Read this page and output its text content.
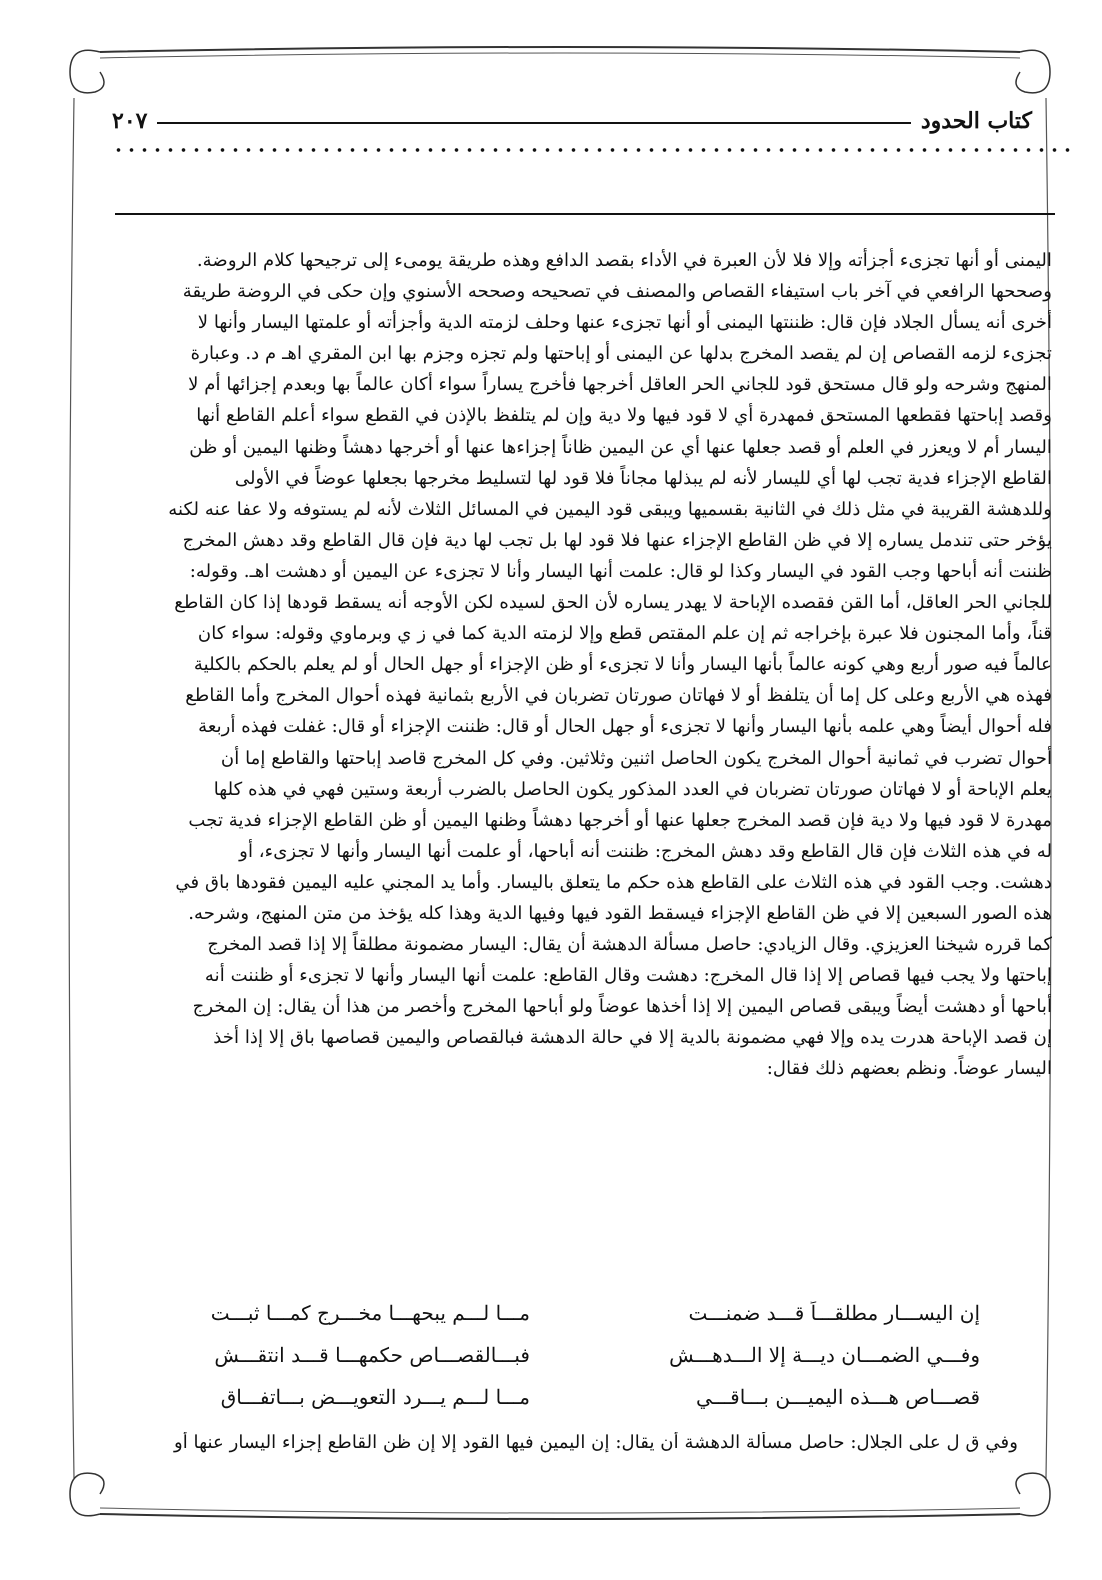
كتاب الحدود
٢٠٧

اليمنى أو أنها تجزىء أجزأته وإلا فلا لأن العبرة في الأداء بقصد الدافع وهذه طريقة يومىء إلى ترجيحها كلام الروضة.

وصححها الرافعي في آخر باب استيفاء القصاص والمصنف في تصحيحه وصححه الأسنوي وإن حكى في الروضة طريقة

أخرى أنه يسأل الجلاد فإن قال: ظننتها اليمنى أو أنها تجزىء عنها وحلف لزمته الدية وأجزأته أو علمتها اليسار وأنها لا

تجزىء لزمه القصاص إن لم يقصد المخرج بدلها عن اليمنى أو إباحتها ولم تجزه وجزم بها ابن المقري اهـ م د. وعبارة

المنهج وشرحه ولو قال مستحق قود للجاني الحر العاقل أخرجها فأخرج يساراً سواء أكان عالماً بها وبعدم إجزائها أم لا

وقصد إباحتها فقطعها المستحق فمهدرة أي لا قود فيها ولا دية وإن لم يتلفظ بالإذن في القطع سواء أعلم القاطع أنها

اليسار أم لا ويعزر في العلم أو قصد جعلها عنها أي عن اليمين ظاناً إجزاءها عنها أو أخرجها دهشاً وظنها اليمين أو ظن

القاطع الإجزاء فدية تجب لها أي لليسار لأنه لم يبذلها مجاناً فلا قود لها لتسليط مخرجها بجعلها عوضاً في الأولى

وللدهشة القريبة في مثل ذلك في الثانية بقسميها ويبقى قود اليمين في المسائل الثلاث لأنه لم يستوفه ولا عفا عنه لكنه

يؤخر حتى تندمل يساره إلا في ظن القاطع الإجزاء عنها فلا قود لها بل تجب لها دية فإن قال القاطع وقد دهش المخرج

ظننت أنه أباحها وجب القود في اليسار وكذا لو قال: علمت أنها اليسار وأنا لا تجزىء عن اليمين أو دهشت اهـ. وقوله:

للجاني الحر العاقل، أما القن فقصده الإباحة لا يهدر يساره لأن الحق لسيده لكن الأوجه أنه يسقط قودها إذا كان القاطع

قناً، وأما المجنون فلا عبرة بإخراجه ثم إن علم المقتص قطع وإلا لزمته الدية كما في ز ي وبرماوي وقوله: سواء كان

عالماً فيه صور أربع وهي كونه عالماً بأنها اليسار وأنا لا تجزىء أو ظن الإجزاء أو جهل الحال أو لم يعلم بالحكم بالكلية

فهذه هي الأربع وعلى كل إما أن يتلفظ أو لا فهاتان صورتان تضربان في الأربع بثمانية فهذه أحوال المخرج وأما القاطع

فله أحوال أيضاً وهي علمه بأنها اليسار وأنها لا تجزىء أو جهل الحال أو قال: ظننت الإجزاء أو قال: غفلت فهذه أربعة

أحوال تضرب في ثمانية أحوال المخرج يكون الحاصل اثنين وثلاثين. وفي كل المخرج قاصد إباحتها والقاطع إما أن

يعلم الإباحة أو لا فهاتان صورتان تضربان في العدد المذكور يكون الحاصل بالضرب أربعة وستين فهي في هذه كلها

مهدرة لا قود فيها ولا دية فإن قصد المخرج جعلها عنها أو أخرجها دهشاً وظنها اليمين أو ظن القاطع الإجزاء فدية تجب

له في هذه الثلاث فإن قال القاطع وقد دهش المخرج: ظننت أنه أباحها، أو علمت أنها اليسار وأنها لا تجزىء، أو

دهشت. وجب القود في هذه الثلاث على القاطع هذه حكم ما يتعلق باليسار. وأما يد المجني عليه اليمين فقودها باق في

هذه الصور السبعين إلا في ظن القاطع الإجزاء فيسقط القود فيها وفيها الدية وهذا كله يؤخذ من متن المنهج، وشرحه.

كما قرره شيخنا العزيزي. وقال الزيادي: حاصل مسألة الدهشة أن يقال: اليسار مضمونة مطلقاً إلا إذا قصد المخرج

إباحتها ولا يجب فيها قصاص إلا إذا قال المخرج: دهشت وقال القاطع: علمت أنها اليسار وأنها لا تجزىء أو ظننت أنه

أباحها أو دهشت أيضاً ويبقى قصاص اليمين إلا إذا أخذها عوضاً ولو أباحها المخرج وأخصر من هذا أن يقال: إن المخرج

إن قصد الإباحة هدرت يده وإلا فهي مضمونة بالدية إلا في حالة الدهشة فبالقصاص واليمين قصاصها باق إلا إذا أخذ

اليسار عوضاً. ونظم بعضهم ذلك فقال:

إن اليســـار مطلقـــاً قـــد ضمنـــت
مـــا لـــم يبحهـــا مخـــرج كمـــا ثبـــت
وفـــي الضمـــان ديـــة إلا الـــدهـــش
فبـــالقصـــاص حكمهـــا قـــد انتقـــش
قصـــاص هـــذه اليميـــن بـــاقـــي
مـــا لـــم يـــرد التعويـــض بـــاتفـــاق
وفي ق ل على الجلال: حاصل مسألة الدهشة أن يقال: إن اليمين فيها القود إلا إن ظن القاطع إجزاء اليسار عنها أو
